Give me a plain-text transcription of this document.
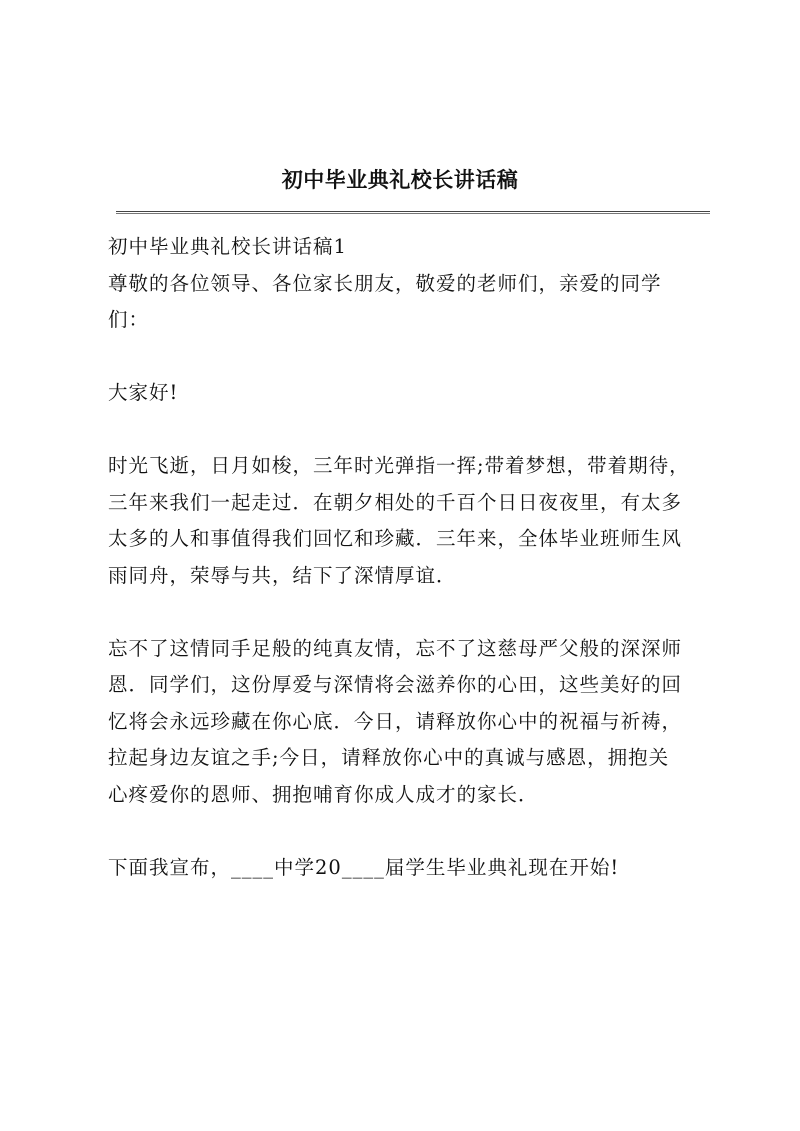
初中毕业典礼校长讲话稿
初中毕业典礼校长讲话稿1
尊敬的各位领导、各位家长朋友，敬爱的老师们，亲爱的同学
们：
大家好!
时光飞逝，日月如梭，三年时光弹指一挥;带着梦想，带着期待，
三年来我们一起走过．在朝夕相处的千百个日日夜夜里，有太多
太多的人和事值得我们回忆和珍藏．三年来，全体毕业班师生风
雨同舟，荣辱与共，结下了深情厚谊．
忘不了这情同手足般的纯真友情，忘不了这慈母严父般的深深师
恩．同学们，这份厚爱与深情将会滋养你的心田，这些美好的回
忆将会永远珍藏在你心底．今日，请释放你心中的祝福与祈祷，
拉起身边友谊之手;今日，请释放你心中的真诚与感恩，拥抱关
心疼爱你的恩师、拥抱哺育你成人成才的家长．
下面我宣布，____中学20____届学生毕业典礼现在开始!
